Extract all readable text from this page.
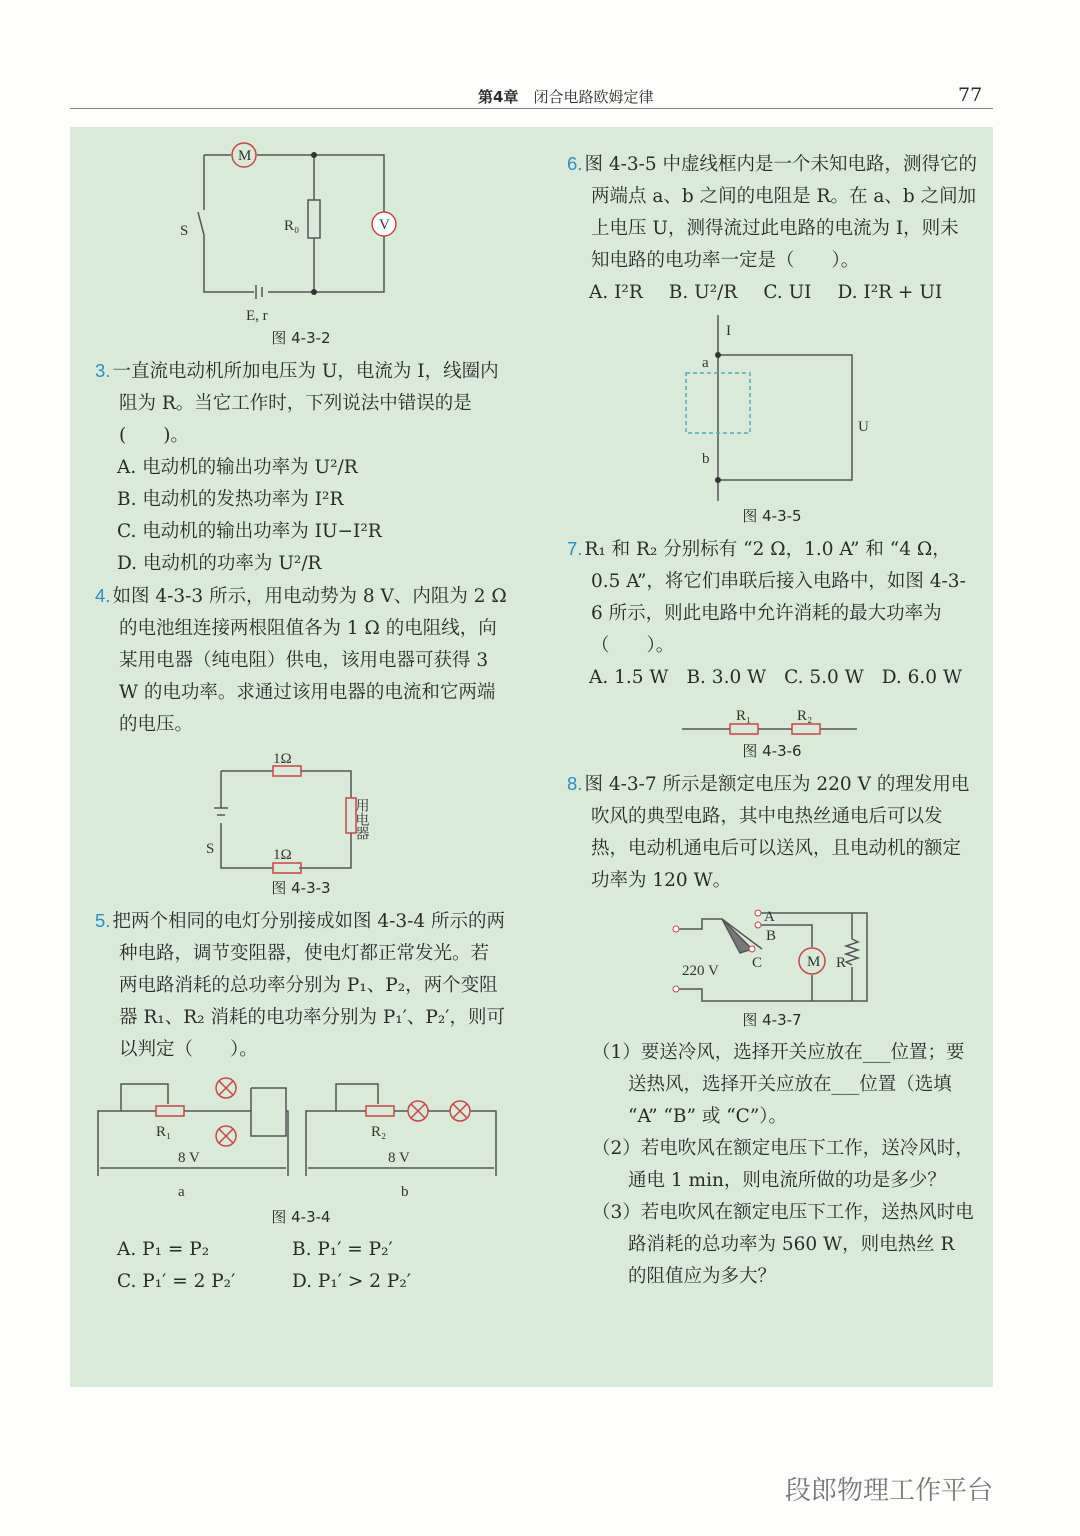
第4章　 闭合电路欧姆定律	77
M
S	R₀	V
E, r
图 4-3-2
3. 一直流电动机所加电压为 U，电流为 I，线圈内阻为 R。当它工作时，下列说法中错误的是(　　)。
A. 电动机的输出功率为 U²/R
B. 电动机的发热功率为 I²R
C. 电动机的输出功率为 IU−I²R
D. 电动机的功率为 U²/R
4. 如图 4-3-3 所示，用电动势为 8 V、内阻为 2 Ω 的电池组连接两根阻值各为 1 Ω 的电阻线，向某用电器（纯电阻）供电，该用电器可获得 3 W 的电功率。求通过该用电器的电流和它两端的电压。
1Ω
1Ω
S
用电器
图 4-3-3
5. 把两个相同的电灯分别接成如图 4-3-4 所示的两种电路，调节变阻器，使电灯都正常发光。若两电路消耗的总功率分别为 P₁、P₂，两个变阻器 R₁、R₂ 消耗的电功率分别为 P₁′、P₂′，则可以判定（　　）。
R₁
8 V
a
R₂
8 V
b
图 4-3-4
A. P₁ = P₂	B. P₁′ = P₂′
C. P₁′ = 2 P₂′	D. P₁′ > 2 P₂′
6. 图 4-3-5 中虚线框内是一个未知电路，测得它的两端点 a、b 之间的电阻是 R。在 a、b 之间加上电压 U，测得流过此电路的电流为 I，则未知电路的电功率一定是（　　）。
A. I²R B. U²/R C. UI D. I²R + UI
I
a
b
U
图 4-3-5
7. R₁ 和 R₂ 分别标有 “2 Ω，1.0 A” 和 “4 Ω，0.5 A”，将它们串联后接入电路中，如图 4-3-6 所示，则此电路中允许消耗的最大功率为（　　）。
A. 1.5 W B. 3.0 W C. 5.0 W D. 6.0 W
R₁	R₂
图 4-3-6
8. 图 4-3-7 所示是额定电压为 220 V 的理发用电吹风的典型电路，其中电热丝通电后可以发热，电动机通电后可以送风，且电动机的额定功率为 120 W。
A
B
C
220 V
M R
图 4-3-7
（1）要送冷风，选择开关应放在___位置；要送热风，选择开关应放在___位置（选填 “A” “B” 或 “C”）。
（2）若电吹风在额定电压下工作，送冷风时，通电 1 min，则电流所做的功是多少？
（3）若电吹风在额定电压下工作，送热风时电路消耗的总功率为 560 W，则电热丝 R 的阻值应为多大？
段郎物理工作平台
